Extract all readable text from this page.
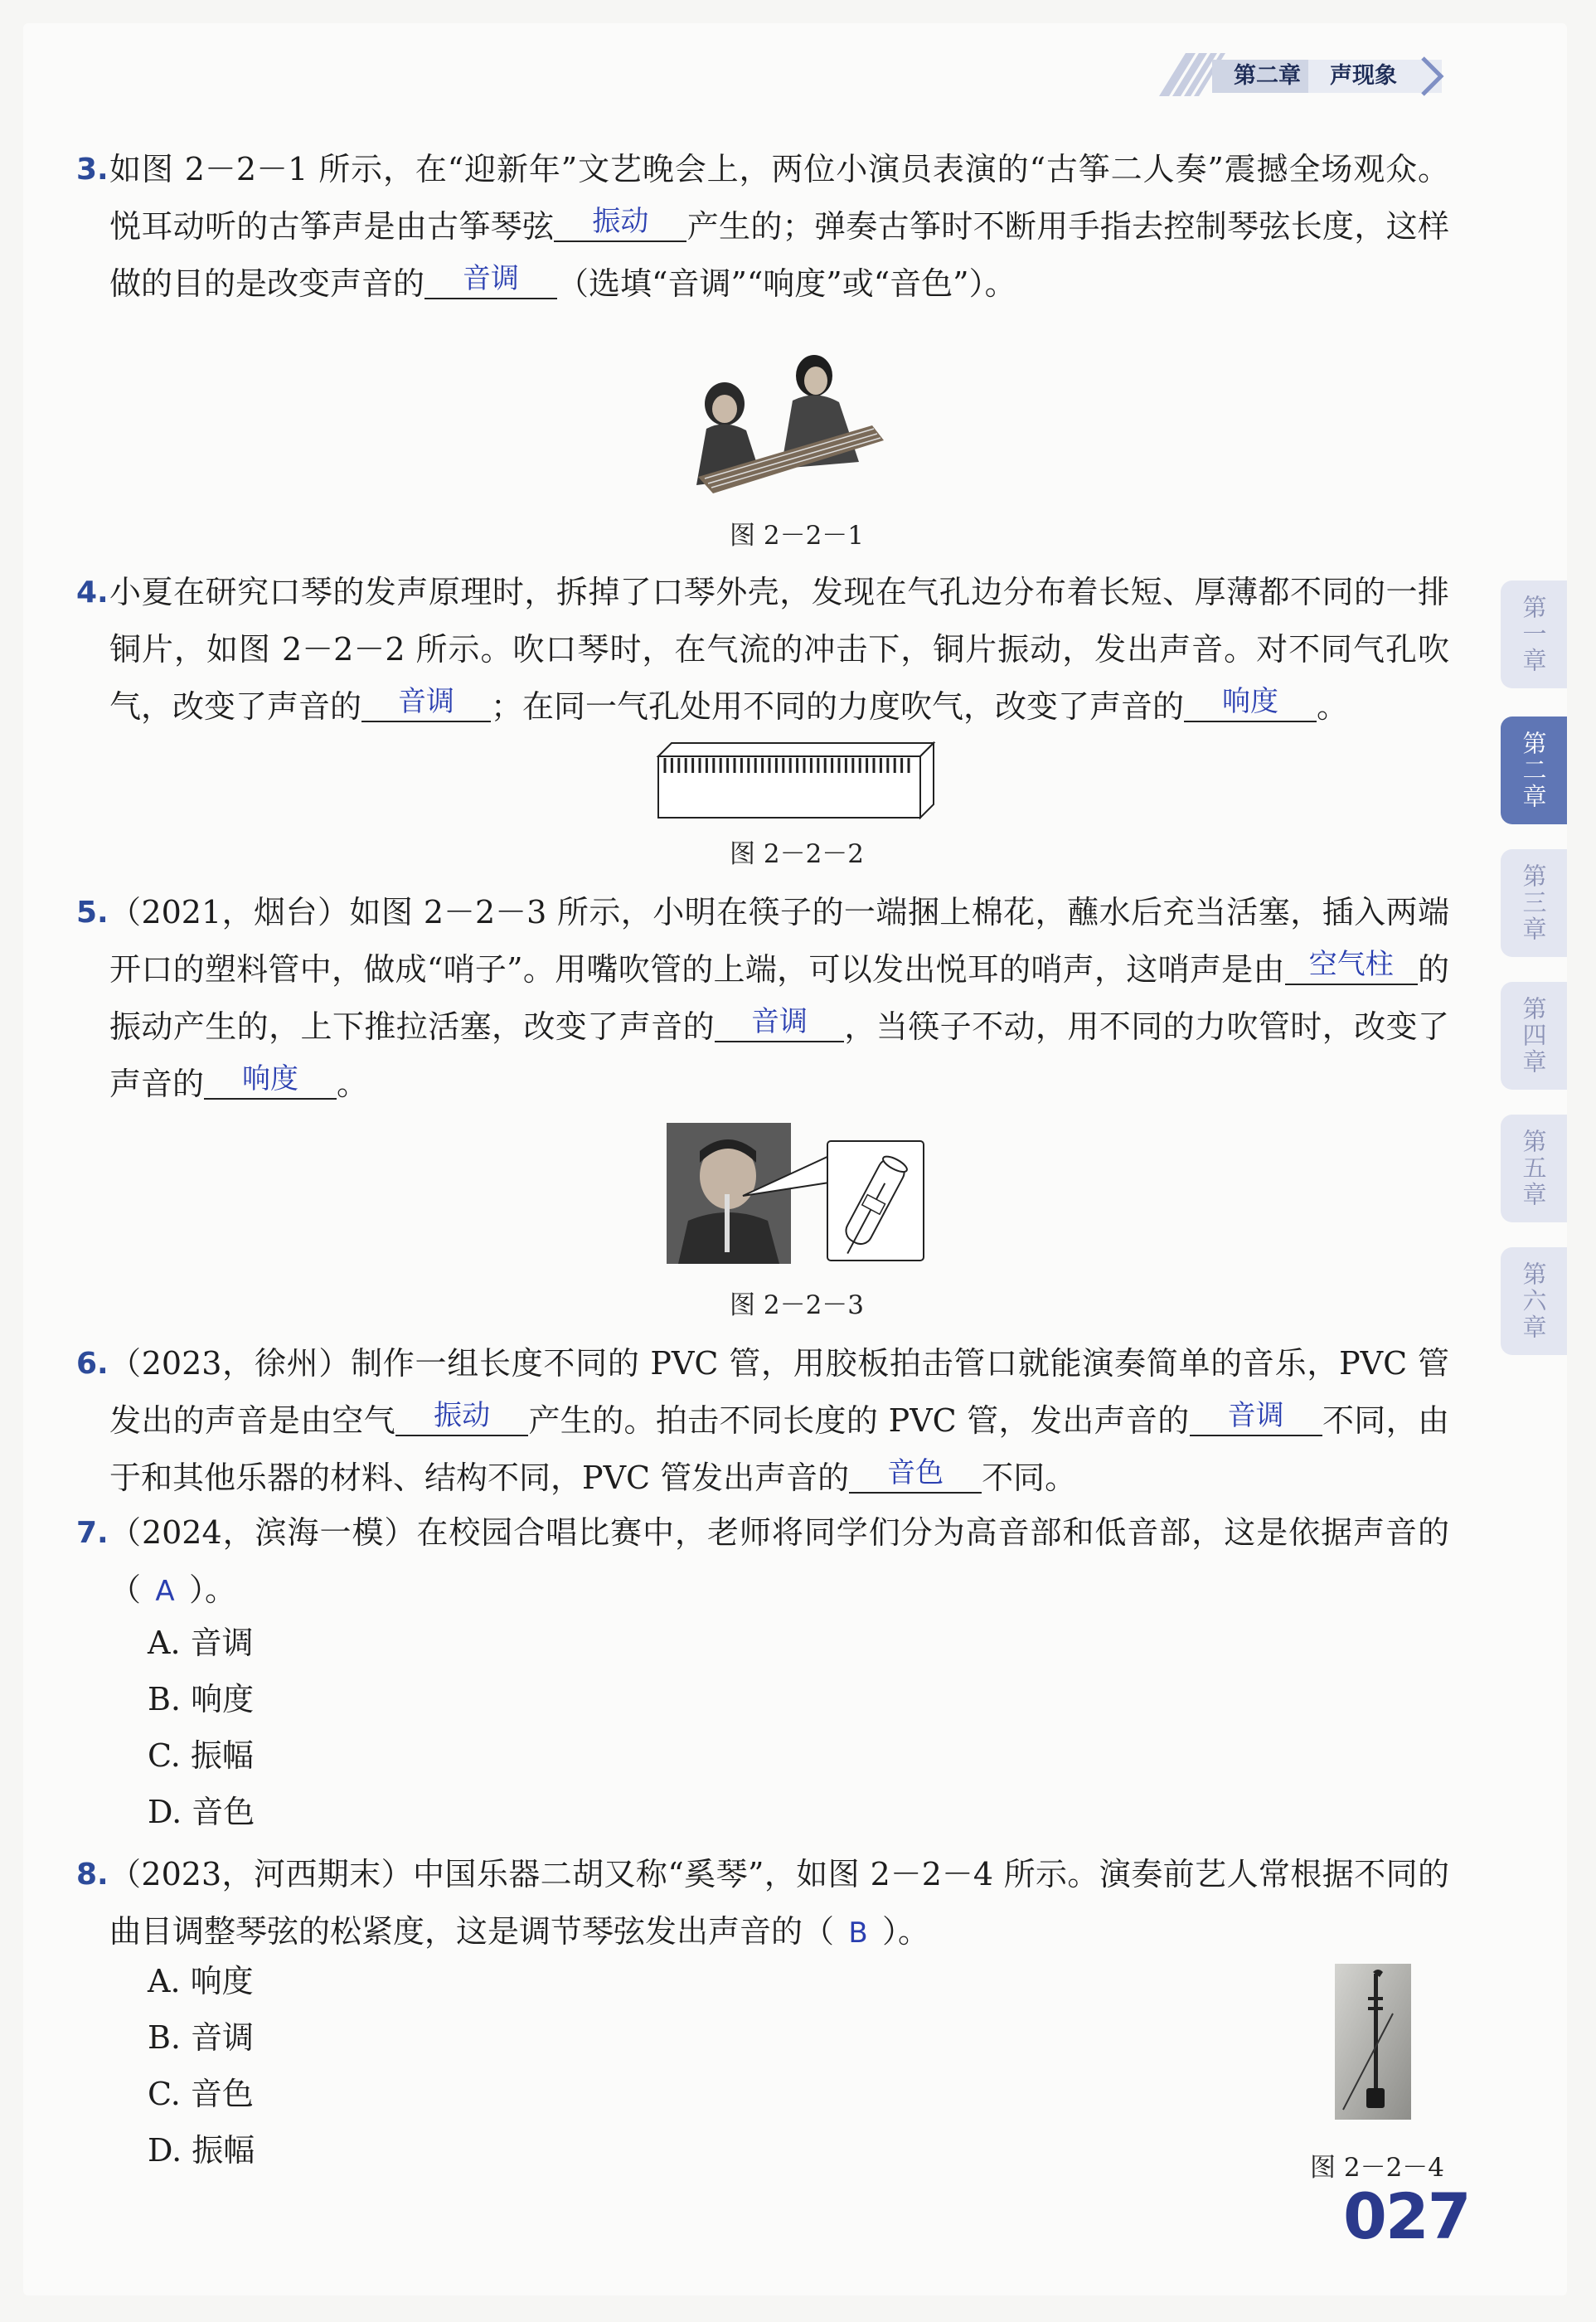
第二章	声现象
第一章
第二章
第三章
第四章
第五章
第六章
3. 如图 2－2－1 所示，在“迎新年”文艺晚会上，两位小演员表演的“古筝二人奏”震撼全场观众。悦耳动听的古筝声是由古筝琴弦	振动	产生的；弹奏古筝时不断用手指去控制琴弦长度，这样做的目的是改变声音的	音调	（选填“音调”“响度”或“音色”）。
图 2－2－1
4. 小夏在研究口琴的发声原理时，拆掉了口琴外壳，发现在气孔边分布着长短、厚薄都不同的一排铜片，如图 2－2－2 所示。吹口琴时，在气流的冲击下，铜片振动，发出声音。对不同气孔吹气，改变了声音的	音调	；在同一气孔处用不同的力度吹气，改变了声音的	响度	。
图 2－2－2
5. （2021，烟台）如图 2－2－3 所示，小明在筷子的一端捆上棉花，蘸水后充当活塞，插入两端开口的塑料管中，做成“哨子”。用嘴吹管的上端，可以发出悦耳的哨声，这哨声是由 空气柱 的振动产生的，上下推拉活塞，改变了声音的	音调	，当筷子不动，用不同的力吹管时，改变了声音的	响度	。
图 2－2－3
6. （2023，徐州）制作一组长度不同的 PVC 管，用胶板拍击管口就能演奏简单的音乐，PVC 管发出的声音是由空气	振动	产生的。拍击不同长度的 PVC 管，发出声音的	音调	不同，由于和其他乐器的材料、结构不同，PVC 管发出声音的	音色	不同。
7. （2024，滨海一模）在校园合唱比赛中，老师将同学们分为高音部和低音部，这是依据声音的（ A ）。
A. 音调
B. 响度
C. 振幅
D. 音色
8. （2023，河西期末）中国乐器二胡又称“奚琴”，如图 2－2－4 所示。演奏前艺人常根据不同的曲目调整琴弦的松紧度，这是调节琴弦发出声音的（ B ）。
A. 响度
B. 音调
C. 音色
D. 振幅	图 2－2－4
027
